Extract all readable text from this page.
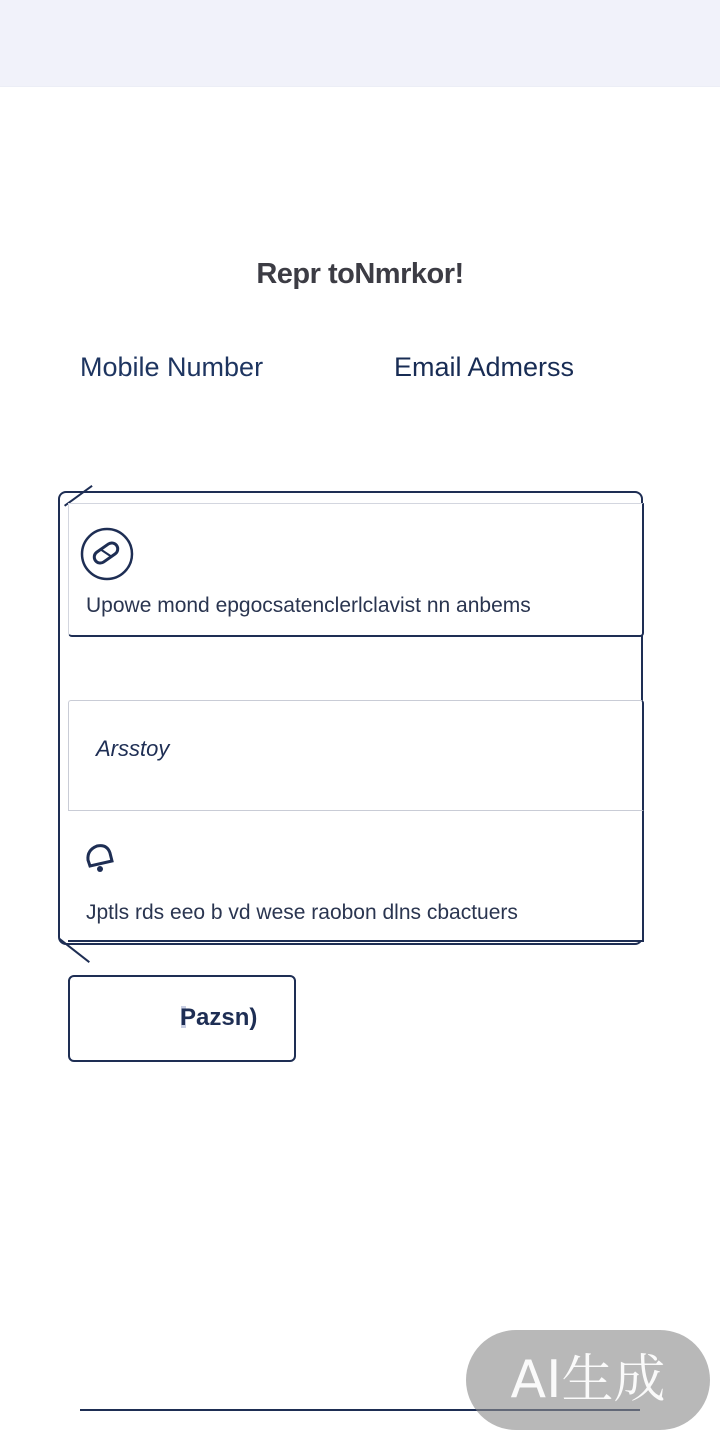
Repr toNmrkor!
Mobile Number	Email Admerss
Upowe mond epgocsatenclerlclavist nn anbems
Arsstoy
Jptls rds eeo b vd wese raobon dlns cbactuers
Pazsn)
AI生成
